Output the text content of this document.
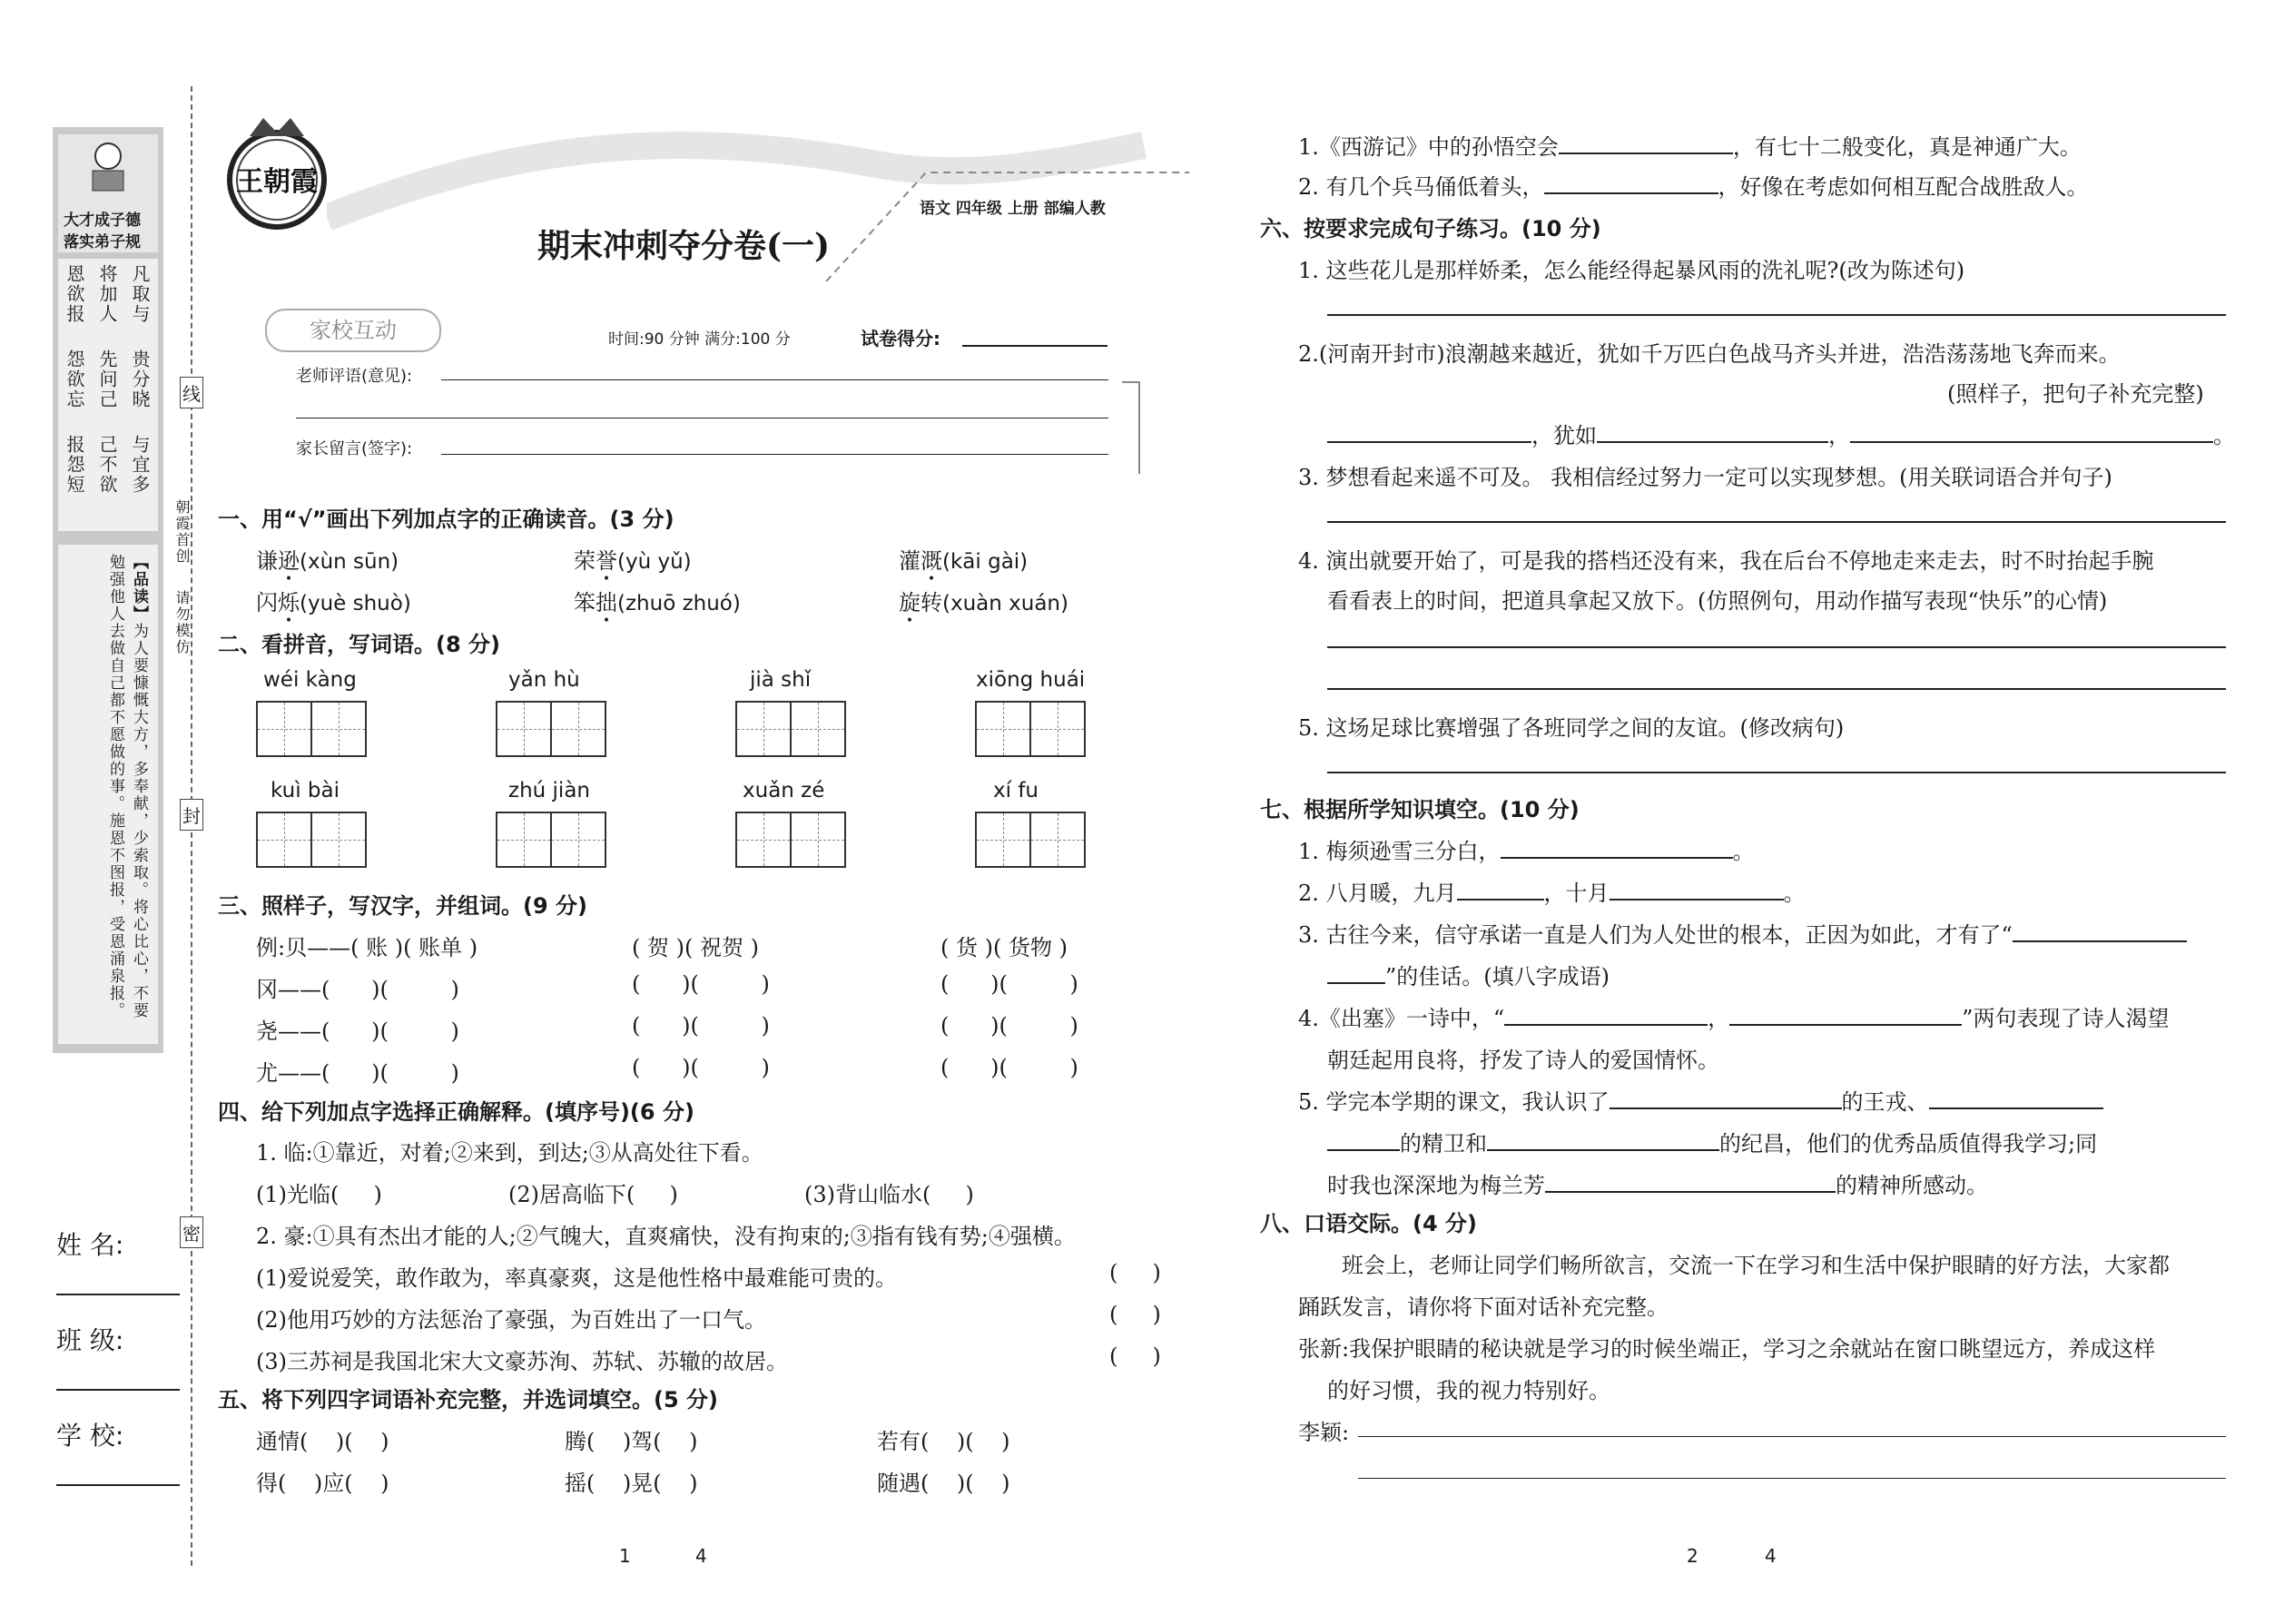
大才成子德
落实弟子规
凡取与
贵分晓
与宜多
将加人
先问己
己不欲
恩欲报
怨欲忘
报怨短
【品读】为人要慷慨大方，多奉献，少索取。将心比心，不要勉强他人去做自己都不愿做的事。施恩不图报，受恩涌泉报。
姓 名:
班 级:
学 校:
线
封
密
朝霞首创
请勿模仿
王朝霞
语文 四年级 上册 部编人教
期末冲刺夺分卷(一)
家校互动	时间:90 分钟 满分:100 分	试卷得分:
老师评语(意见):
家长留言(签字):
一、用“√”画出下列加点字的正确读音。(3 分)
谦逊(xùn sūn)	荣誉(yù yǔ)	灌溉(kāi gài)
闪烁(yuè shuò)	笨拙(zhuō zhuó)	旋转(xuàn xuán)
二、看拼音，写词语。(8 分)
wéi kàng	yǎn hù	jià shǐ	xiōng huái
kuì bài	zhú jiàn	xuǎn zé	xí fu
三、照样子，写汉字，并组词。(9 分)
例:贝——( 账 )( 账单 )	( 贺 )( 祝贺 )	( 货 )( 货物 )
冈——(      )(         )	(      )(         )	(      )(         )
尧——(      )(         )	(      )(         )	(      )(         )
尤——(      )(         )	(      )(         )	(      )(         )
四、给下列加点字选择正确解释。(填序号)(6 分)
1. 临:①靠近，对着;②来到，到达;③从高处往下看。
(1)光临(     )	(2)居高临下(     )	(3)背山临水(     )
2. 豪:①具有杰出才能的人;②气魄大，直爽痛快，没有拘束的;③指有钱有势;④强横。
(1)爱说爱笑，敢作敢为，率真豪爽，这是他性格中最难能可贵的。	(     )
(2)他用巧妙的方法惩治了豪强，为百姓出了一口气。	(     )
(3)三苏祠是我国北宋大文豪苏洵、苏轼、苏辙的故居。	(     )
五、将下列四字词语补充完整，并选词填空。(5 分)
通情(    )(    )	腾(    )驾(    )	若有(    )(    )
得(    )应(    )	摇(    )晃(    )	随遇(    )(    )
1	4
1.《西游记》中的孙悟空会	，有七十二般变化，真是神通广大。
2. 有几个兵马俑低着头，	，好像在考虑如何相互配合战胜敌人。
六、按要求完成句子练习。(10 分)
1. 这些花儿是那样娇柔，怎么能经得起暴风雨的洗礼呢?(改为陈述句)
2.(河南开封市)浪潮越来越近，犹如千万匹白色战马齐头并进，浩浩荡荡地飞奔而来。
(照样子，把句子补充完整)
，犹如	，	。
3. 梦想看起来遥不可及。 我相信经过努力一定可以实现梦想。(用关联词语合并句子)
4. 演出就要开始了，可是我的搭档还没有来，我在后台不停地走来走去，时不时抬起手腕
看看表上的时间，把道具拿起又放下。(仿照例句，用动作描写表现“快乐”的心情)
5. 这场足球比赛增强了各班同学之间的友谊。(修改病句)
七、根据所学知识填空。(10 分)
1. 梅须逊雪三分白，	。
2. 八月暖，九月	，十月	。
3. 古往今来，信守承诺一直是人们为人处世的根本，正因为如此，才有了“
”的佳话。(填八字成语)
4.《出塞》一诗中，“	，	”两句表现了诗人渴望
朝廷起用良将，抒发了诗人的爱国情怀。
5. 学完本学期的课文，我认识了	的王戎、
的精卫和	的纪昌，他们的优秀品质值得我学习;同
时我也深深地为梅兰芳	的精神所感动。
八、口语交际。(4 分)
班会上，老师让同学们畅所欲言，交流一下在学习和生活中保护眼睛的好方法，大家都
踊跃发言，请你将下面对话补充完整。
张新:我保护眼睛的秘诀就是学习的时候坐端正，学习之余就站在窗口眺望远方，养成这样
的好习惯，我的视力特别好。
李颖:
2	4
